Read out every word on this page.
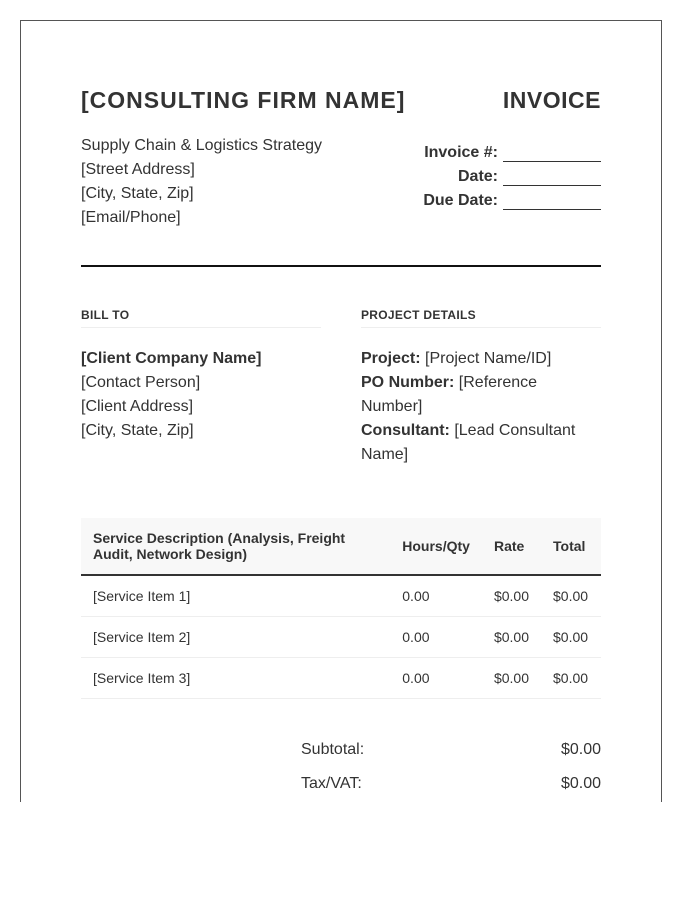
[CONSULTING FIRM NAME]	INVOICE
Supply Chain & Logistics Strategy
[Street Address]
[City, State, Zip]
[Email/Phone]
Invoice #:
Date:
Due Date:
BILL TO
[Client Company Name]
[Contact Person]
[Client Address]
[City, State, Zip]
PROJECT DETAILS
Project: [Project Name/ID]
PO Number: [Reference Number]
Consultant: [Lead Consultant Name]
Service Description (Analysis, Freight Audit, Network Design)	Hours/Qty	Rate	Total
[Service Item 1]	0.00	$0.00	$0.00
[Service Item 2]	0.00	$0.00	$0.00
[Service Item 3]	0.00	$0.00	$0.00
Subtotal:	$0.00
Tax/VAT:	$0.00
